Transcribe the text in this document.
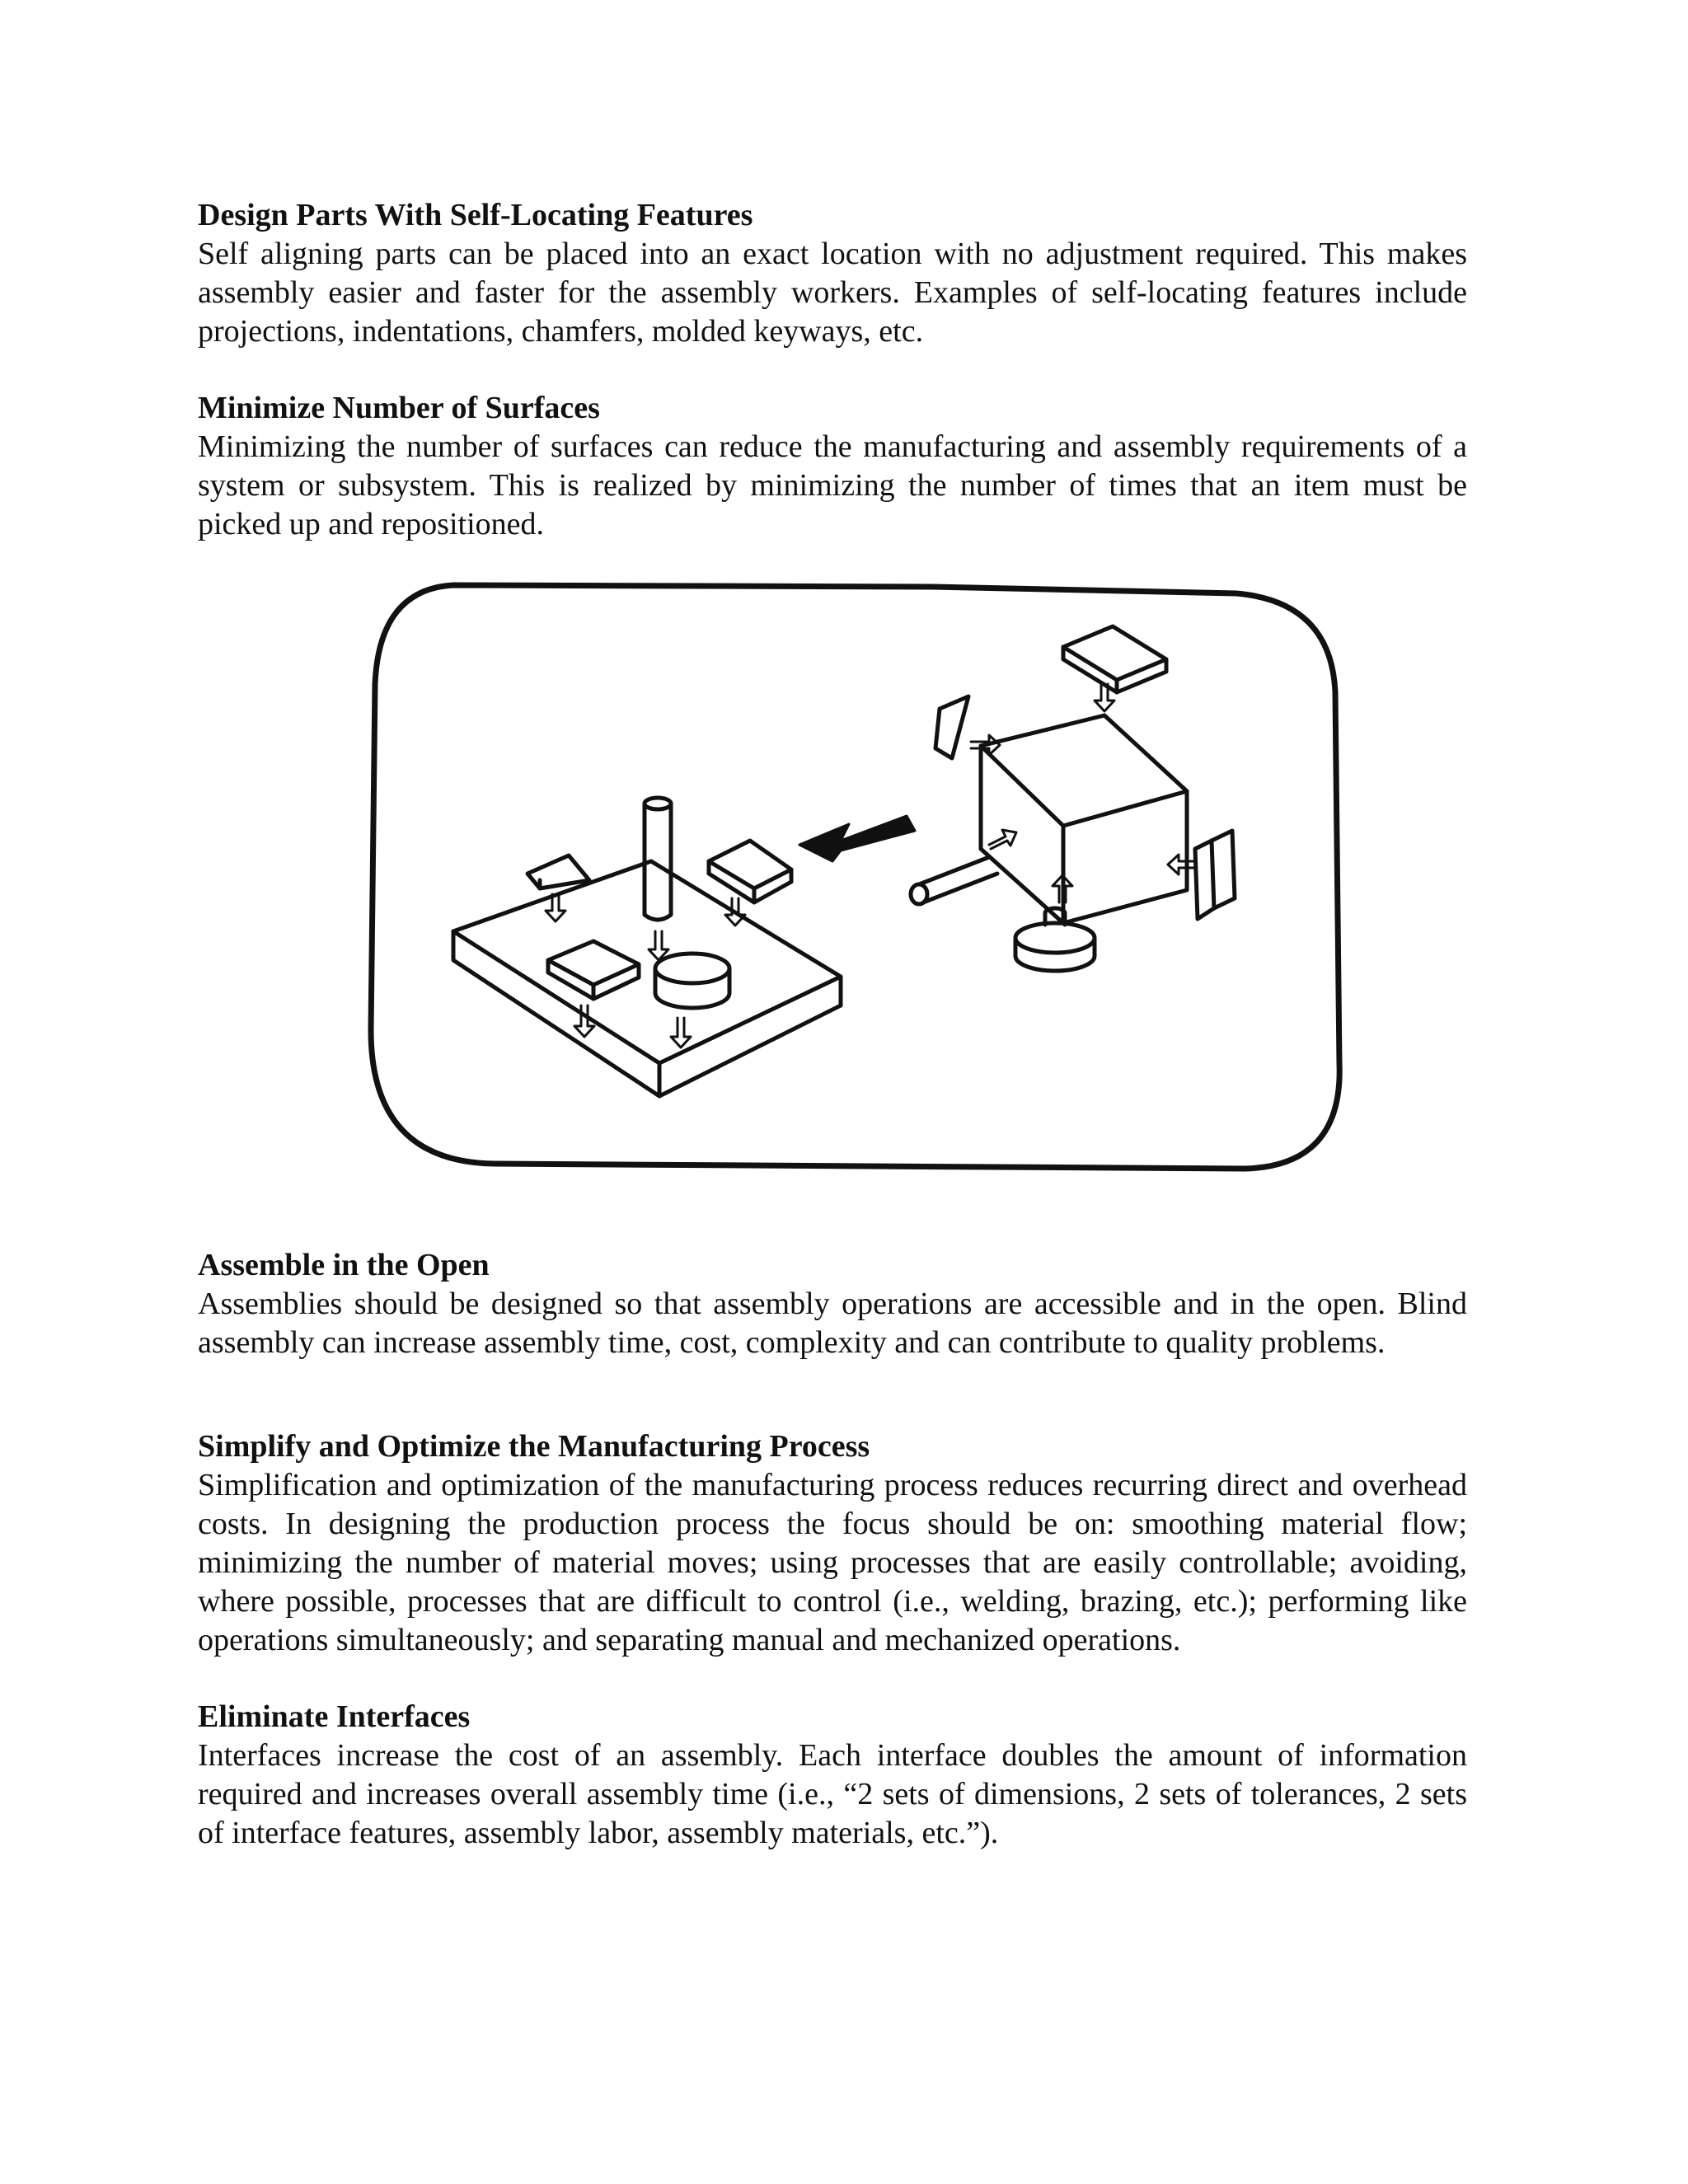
Design Parts With Self-Locating Features

Self aligning parts can be placed into an exact location with no adjustment required. This makes assembly easier and faster for the assembly workers. Examples of self-locating features include projections, indentations, chamfers, molded keyways, etc.

Minimize Number of Surfaces

Minimizing the number of surfaces can reduce the manufacturing and assembly requirements of a system or subsystem. This is realized by minimizing the number of times that an item must be picked up and repositioned.

Assemble in the Open

Assemblies should be designed so that assembly operations are accessible and in the open. Blind assembly can increase assembly time, cost, complexity and can contribute to quality problems.

Simplify and Optimize the Manufacturing Process

Simplification and optimization of the manufacturing process reduces recurring direct and overhead costs. In designing the production process the focus should be on: smoothing material flow; minimizing the number of material moves; using processes that are easily controllable; avoiding, where possible, processes that are difficult to control (i.e., welding, brazing, etc.); performing like operations simultaneously; and separating manual and mechanized operations.

Eliminate Interfaces

Interfaces increase the cost of an assembly. Each interface doubles the amount of information required and increases overall assembly time (i.e., “2 sets of dimensions, 2 sets of tolerances, 2 sets of interface features, assembly labor, assembly materials, etc.”).
